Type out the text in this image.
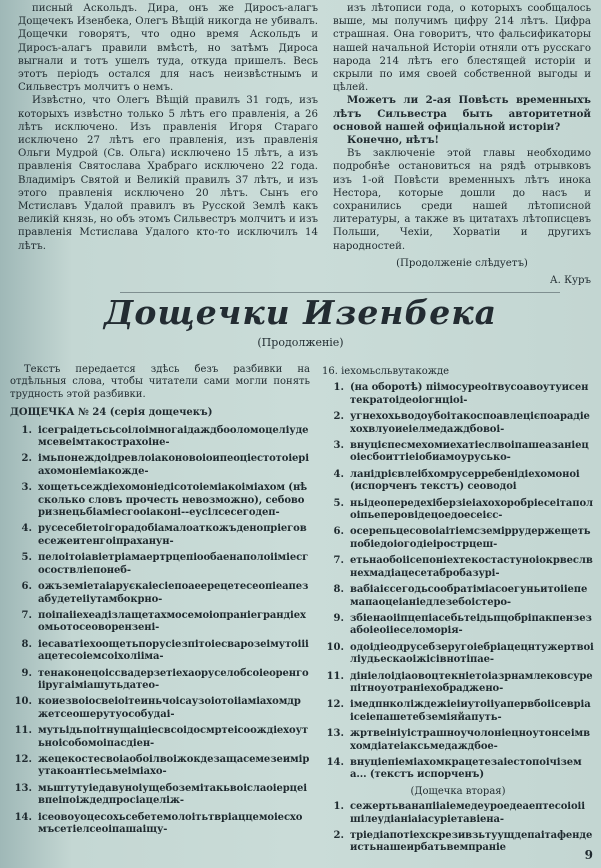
писный Аскольдъ. Дира, онъ же Диросъ-алагъ Дощечекъ Изенбека, Олегъ Вѣщій никогда не убивалъ. Дощечки говорятъ, что одно время Аскольдъ и Диросъ-алагъ правили вмѣстѣ, но затѣмъ Дироса выгнали и тотъ ушелъ туда, откуда пришелъ. Весь этотъ періодъ остался для насъ неизвѣстнымъ и Сильвестръ молчитъ о немъ.

Извѣстно, что Олегъ Вѣщій правилъ 31 годъ, изъ которыхъ извѣстно только 5 лѣтъ его правленія, а 26 лѣтъ исключено. Изъ правленія Игоря Стараго исключено 27 лѣтъ его правленія, изъ правленія Ольги Мудрой (Св. Ольга) исключено 15 лѣтъ, а изъ правленія Святослава Храбраго исключено 22 года. Владиміръ Святой и Великій правилъ 37 лѣтъ, и изъ этого правленія исключено 20 лѣтъ. Сынъ его Мстиславъ Удалой правилъ въ Русской Землѣ какъ великій князь, но объ этомъ Сильвестръ молчитъ и изъ правленія Мстислава Удалого кто-то исключилъ 14 лѣтъ.

изъ лѣтописи года, о которыхъ сообщалось выше, мы получимъ цифру 214 лѣтъ. Цифра страшная. Она говоритъ, что фальсификаторы нашей начальной Исторіи отняли отъ русскаго народа 214 лѣтъ его блестящей исторіи и скрыли по имя своей собственной выгоды и цѣлей.

Можетъ ли 2-ая Повѣсть временныхъ лѣтъ Сильвестра быть авторитетной основой нашей офиціальной исторіи?

Конечно, нѣтъ!

Въ заключеніе этой главы необходимо подробнѣе остановиться на рядѣ отрывковъ изъ 1-ой Повѣсти временныхъ лѣтъ инока Нестора, которые дошли до насъ и сохранились среди нашей лѣтописной литературы, а также въ цитатахъ лѣтописцевъ Польши, Чехіи, Хорватіи и другихъ народностей.

(Продолженіе слѣдуетъ)

А. Куръ

Дощечки Изенбека
(Продолженіе)

Текстъ передается здѣсь безъ разбивки на отдѣльныя слова, чтобы читатели сами могли понять трудность этой разбивки.

ДОЩЕЧКА № 24 (серія дощечекъ)

1. ісеграідетьсьсоілоімногаідаждбооломоцеліудемсевеімтакострахоіне-
2. імьпонеждоідревлоіаконовоіоипеоціестотоіеріахомоніеміакожде-
3. хощетьсеждіехомоніедісотоіеміакоіміахом (нѣсколько словъ прочесть невозможно), себоворизнецьбіаміесгооіаконі--еусілсесегодеп-
4. русесебіетоігорадобіамалоаткожъденопріеговесежеитенгоіпраханун-
5. пелоітоіавіетріамаертрцепіообаенаполоііміесгосоствліепонеб-
6. ожъземіетаіаруєкаіесіепоаеерецетесеопіеапезабудетеііутамбокрно-
7. поіпаііехеадізлащетахмосемоіопраніеграндіехомьотосеоворензені-
8. іесаватіехоощетьпорусіезпітоіесварозеімутоіііацетесоіемсоіхолііма-
9. тенаконецоіссвадерзетіехаоруселобсоіеоренгоііругаіміашутьдатео-
10. коиезвоіосвеіоітеиньчоісаузоіотоііаміахомдржетсеошерутуособудаі-
11. мутьідьпоітнущаіціесвсоідосмртеісоождіехоутьноісобомоіпасдіен-
12. жецекостесвоіаобоілвоіжокдезащасемезеимірутакоантіесьмеіміахо-
13. мьштутуіедавуноіущебоземітакьвоіслаоіерцеівпеіпоіждедпросіацеліж-
14. ісеовоуоцесохьсебетемолоітьтвріаццемоіесхомъсетіелсеоіпашаіщу-

16. іехомьсльвутакожде

1. (на оборотѣ) пiімосуреоітвусоавоутуисентекратоідеоіогнціоі-
2. угнехохьводоубоітакоспоавлецієпоарадіехохвлуоиеіелмедаждбовоі-
3. внуцієпесмехомиехатіеслвоіпашеазаніецоіесбоиттіеіобиамоурусько-
4. ланідрієвлеібхомрусерребенідіехомоноі (испорченъ текстъ) сеоводоі
5. ньідеопередехіберзіеіахохоробріесеітаполоіпьеперовідецоедоесеієс-
6. осерепьцесовоіаітіемсземіррудержещетьпобіедоіогодіеірострцеш-
7. етьнаобоіісепоніехтекостастуноіокрвеслвнехмадіацесетабробазурі-
8. вабіаієсегодьсообратіміасоегуньитоііепемапаоцеіаніедлезебоістеро-
9. збіенаоііпцепіасебьтеідьпцобріпакпензезабоіеоііеселоморія-
10. одоідіеодрусебзеругоіебріацецнтужертвоіліудьескаоіжісівнотіпае-
11. дініелоідіаовоцтекніетоіазрнамлековсурепітноуотраніехобраджено-
12. імедпнколіждежіеіиутоііуапервбоіісевріаісеіепашетебземіяйапуть-
13. жртвеініуістрашноучолоніецноутонсеімвхомдіатеіаксьмедаждбое-
14. внуціепіеміахомкрацетезаіестопоічізема... (текстъ испорченъ)

(Дощечка вторая)

1. сежертьванапііаіемедеуроедеаептесоіоіішілеудіаніаіасуріетавіена-
2. тріедіапотіехскрезивзьтуущдепаітафендеистьнашеирбатьвемпраніе
9
